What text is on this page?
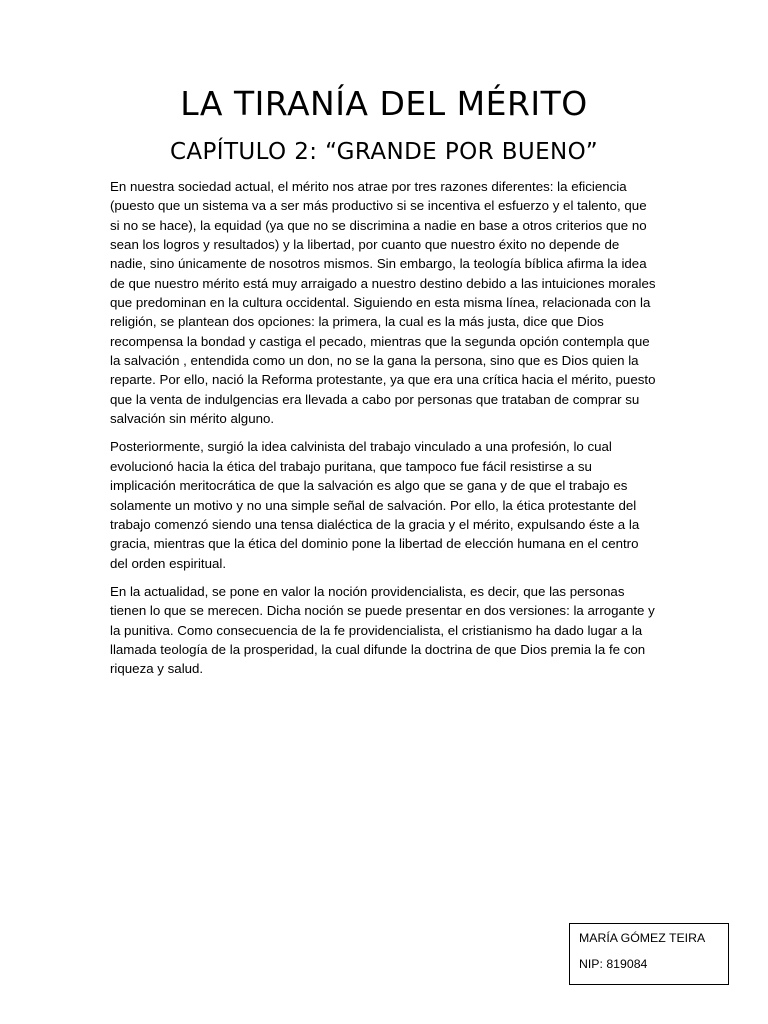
LA TIRANÍA DEL MÉRITO
CAPÍTULO 2: “GRANDE POR BUENO”

En nuestra sociedad actual, el mérito nos atrae por tres razones diferentes: la eficiencia (puesto que un sistema va a ser más productivo si se incentiva el esfuerzo y el talento, que si no se hace), la equidad (ya que no se discrimina a nadie en base a otros criterios que no sean los logros y resultados) y la libertad, por cuanto que nuestro éxito no depende de nadie, sino únicamente de nosotros mismos. Sin embargo, la teología bíblica afirma la idea de que nuestro mérito está muy arraigado a nuestro destino debido a las intuiciones morales que predominan en la cultura occidental. Siguiendo en esta misma línea, relacionada con la religión, se plantean dos opciones: la primera, la cual es la más justa, dice que Dios recompensa la bondad y castiga el pecado, mientras que la segunda opción contempla que la salvación , entendida como un don, no se la gana la persona, sino que es Dios quien la reparte. Por ello, nació la Reforma protestante, ya que era una crítica hacia el mérito, puesto que la venta de indulgencias era llevada a cabo por personas que trataban de comprar su salvación sin mérito alguno.

Posteriormente, surgió la idea calvinista del trabajo vinculado a una profesión, lo cual evolucionó hacia la ética del trabajo puritana, que tampoco fue fácil resistirse a su implicación meritocrática de que la salvación es algo que se gana y de que el trabajo es solamente un motivo y no una simple señal de salvación. Por ello, la ética protestante del trabajo comenzó siendo una tensa dialéctica de la gracia y el mérito, expulsando éste a la gracia, mientras que la ética del dominio pone la libertad de elección humana en el centro del orden espiritual.

En la actualidad, se pone en valor la noción providencialista, es decir, que las personas tienen lo que se merecen. Dicha noción se puede presentar en dos versiones: la arrogante y la punitiva. Como consecuencia de la fe providencialista, el cristianismo ha dado lugar a la llamada teología de la prosperidad, la cual difunde la doctrina de que Dios premia la fe con riqueza y salud.

MARÍA GÓMEZ TEIRA
NIP: 819084
